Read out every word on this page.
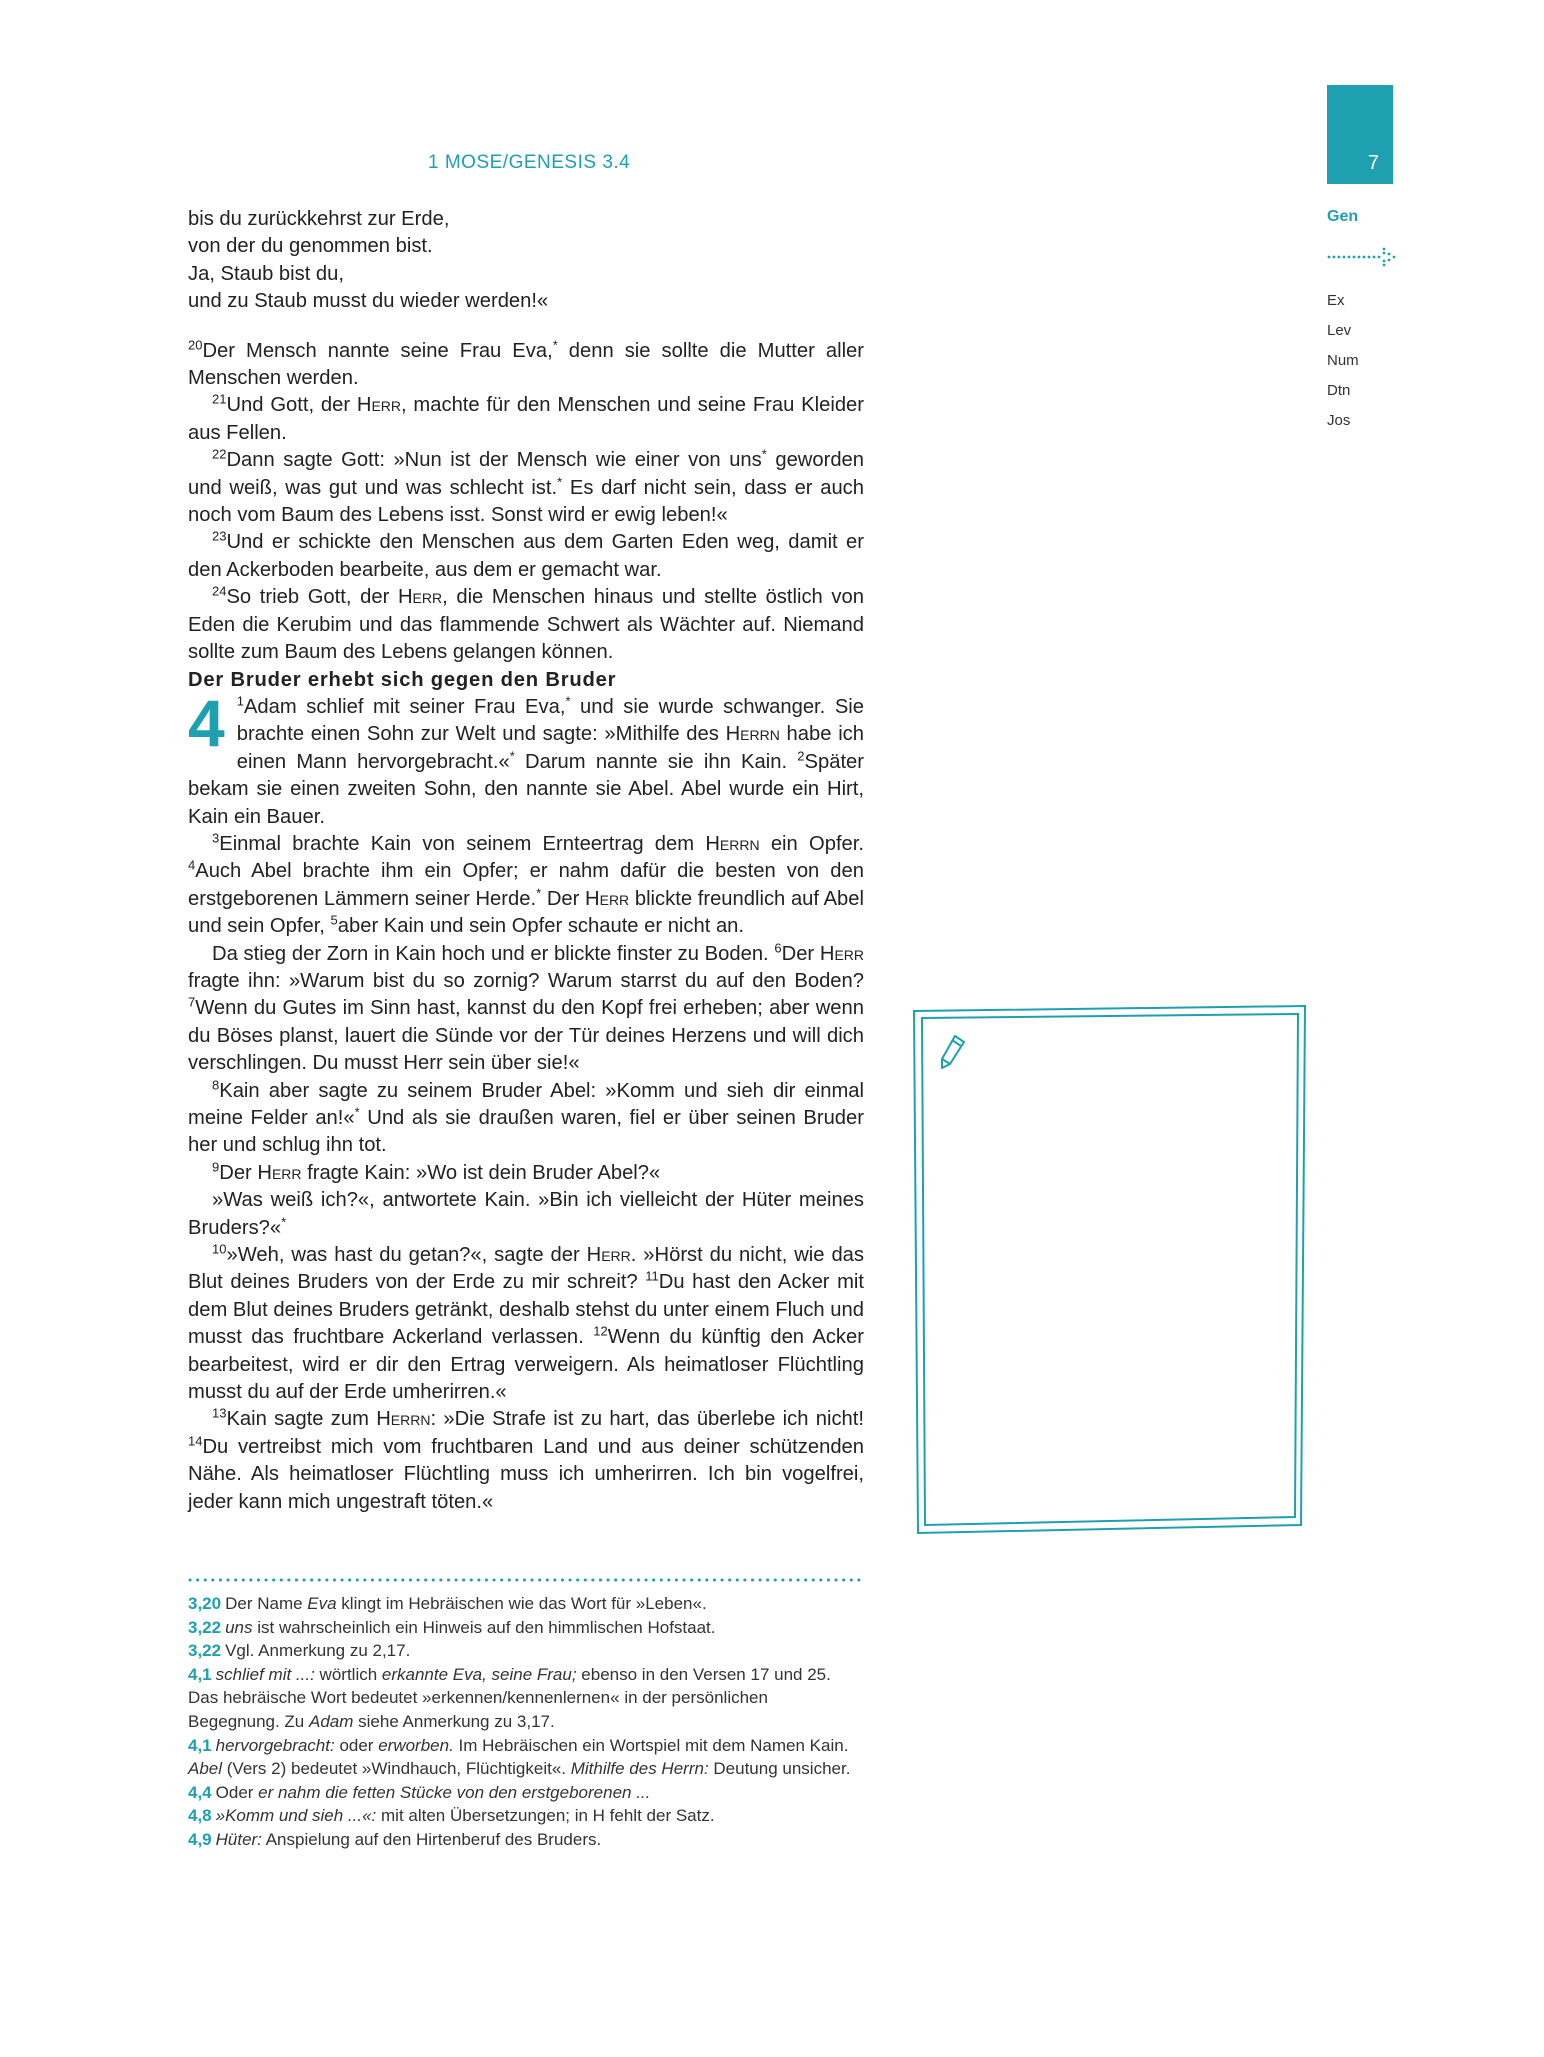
1 MOSE/GENESIS 3.4	7
Gen
Ex
Lev
Num
Dtn
Jos
bis du zurückkehrst zur Erde,
von der du genommen bist.
Ja, Staub bist du,
und zu Staub musst du wieder werden!«

$^{20}$Der Mensch nannte seine Frau Eva,* denn sie sollte die Mutter aller Menschen werden.

$^{21}$Und Gott, der Herr, machte für den Menschen und seine Frau Kleider aus Fellen.

$^{22}$Dann sagte Gott: »Nun ist der Mensch wie einer von uns* geworden und weiß, was gut und was schlecht ist.* Es darf nicht sein, dass er auch noch vom Baum des Lebens isst. Sonst wird er ewig leben!«

$^{23}$Und er schickte den Menschen aus dem Garten Eden weg, damit er den Ackerboden bearbeite, aus dem er gemacht war.

$^{24}$So trieb Gott, der Herr, die Menschen hinaus und stellte östlich von Eden die Kerubim und das flammende Schwert als Wächter auf. Niemand sollte zum Baum des Lebens gelangen können.

Der Bruder erhebt sich gegen den Bruder

4 $^1$Adam schlief mit seiner Frau Eva,* und sie wurde schwanger. Sie brachte einen Sohn zur Welt und sagte: »Mithilfe des Herrn habe ich einen Mann hervorgebracht.«* Darum nannte sie ihn Kain. $^2$Später bekam sie einen zweiten Sohn, den nannte sie Abel. Abel wurde ein Hirt, Kain ein Bauer.

$^3$Einmal brachte Kain von seinem Ernteertrag dem Herrn ein Opfer. $^4$Auch Abel brachte ihm ein Opfer; er nahm dafür die besten von den erstgeborenen Lämmern seiner Herde.* Der Herr blickte freundlich auf Abel und sein Opfer, $^5$aber Kain und sein Opfer schaute er nicht an.

Da stieg der Zorn in Kain hoch und er blickte finster zu Boden. $^6$Der Herr fragte ihn: »Warum bist du so zornig? Warum starrst du auf den Boden? $^7$Wenn du Gutes im Sinn hast, kannst du den Kopf frei erheben; aber wenn du Böses planst, lauert die Sünde vor der Tür deines Herzens und will dich verschlingen. Du musst Herr sein über sie!«

$^8$Kain aber sagte zu seinem Bruder Abel: »Komm und sieh dir einmal meine Felder an!«* Und als sie draußen waren, fiel er über seinen Bruder her und schlug ihn tot.

$^9$Der Herr fragte Kain: »Wo ist dein Bruder Abel?«

»Was weiß ich?«, antwortete Kain. »Bin ich vielleicht der Hüter meines Bruders?«*

$^{10}$»Weh, was hast du getan?«, sagte der Herr. »Hörst du nicht, wie das Blut deines Bruders von der Erde zu mir schreit? $^{11}$Du hast den Acker mit dem Blut deines Bruders getränkt, deshalb stehst du unter einem Fluch und musst das fruchtbare Ackerland verlassen. $^{12}$Wenn du künftig den Acker bearbeitest, wird er dir den Ertrag verweigern. Als heimatloser Flüchtling musst du auf der Erde umherirren.«

$^{13}$Kain sagte zum Herrn: »Die Strafe ist zu hart, das überlebe ich nicht! $^{14}$Du vertreibst mich vom fruchtbaren Land und aus deiner schützenden Nähe. Als heimatloser Flüchtling muss ich umherirren. Ich bin vogelfrei, jeder kann mich ungestraft töten.«

3,20 Der Name Eva klingt im Hebräischen wie das Wort für »Leben«.

3,22 uns ist wahrscheinlich ein Hinweis auf den himmlischen Hofstaat.

3,22 Vgl. Anmerkung zu 2,17.

4,1 schlief mit ...: wörtlich erkannte Eva, seine Frau; ebenso in den Versen 17 und 25. Das hebräische Wort bedeutet »erkennen/kennenlernen« in der persönlichen Begegnung. Zu Adam siehe Anmerkung zu 3,17.

4,1 hervorgebracht: oder erworben. Im Hebräischen ein Wortspiel mit dem Namen Kain. Abel (Vers 2) bedeutet »Windhauch, Flüchtigkeit«. Mithilfe des Herrn: Deutung unsicher.

4,4 Oder er nahm die fetten Stücke von den erstgeborenen ...

4,8 »Komm und sieh ...«: mit alten Übersetzungen; in H fehlt der Satz.

4,9 Hüter: Anspielung auf den Hirtenberuf des Bruders.
